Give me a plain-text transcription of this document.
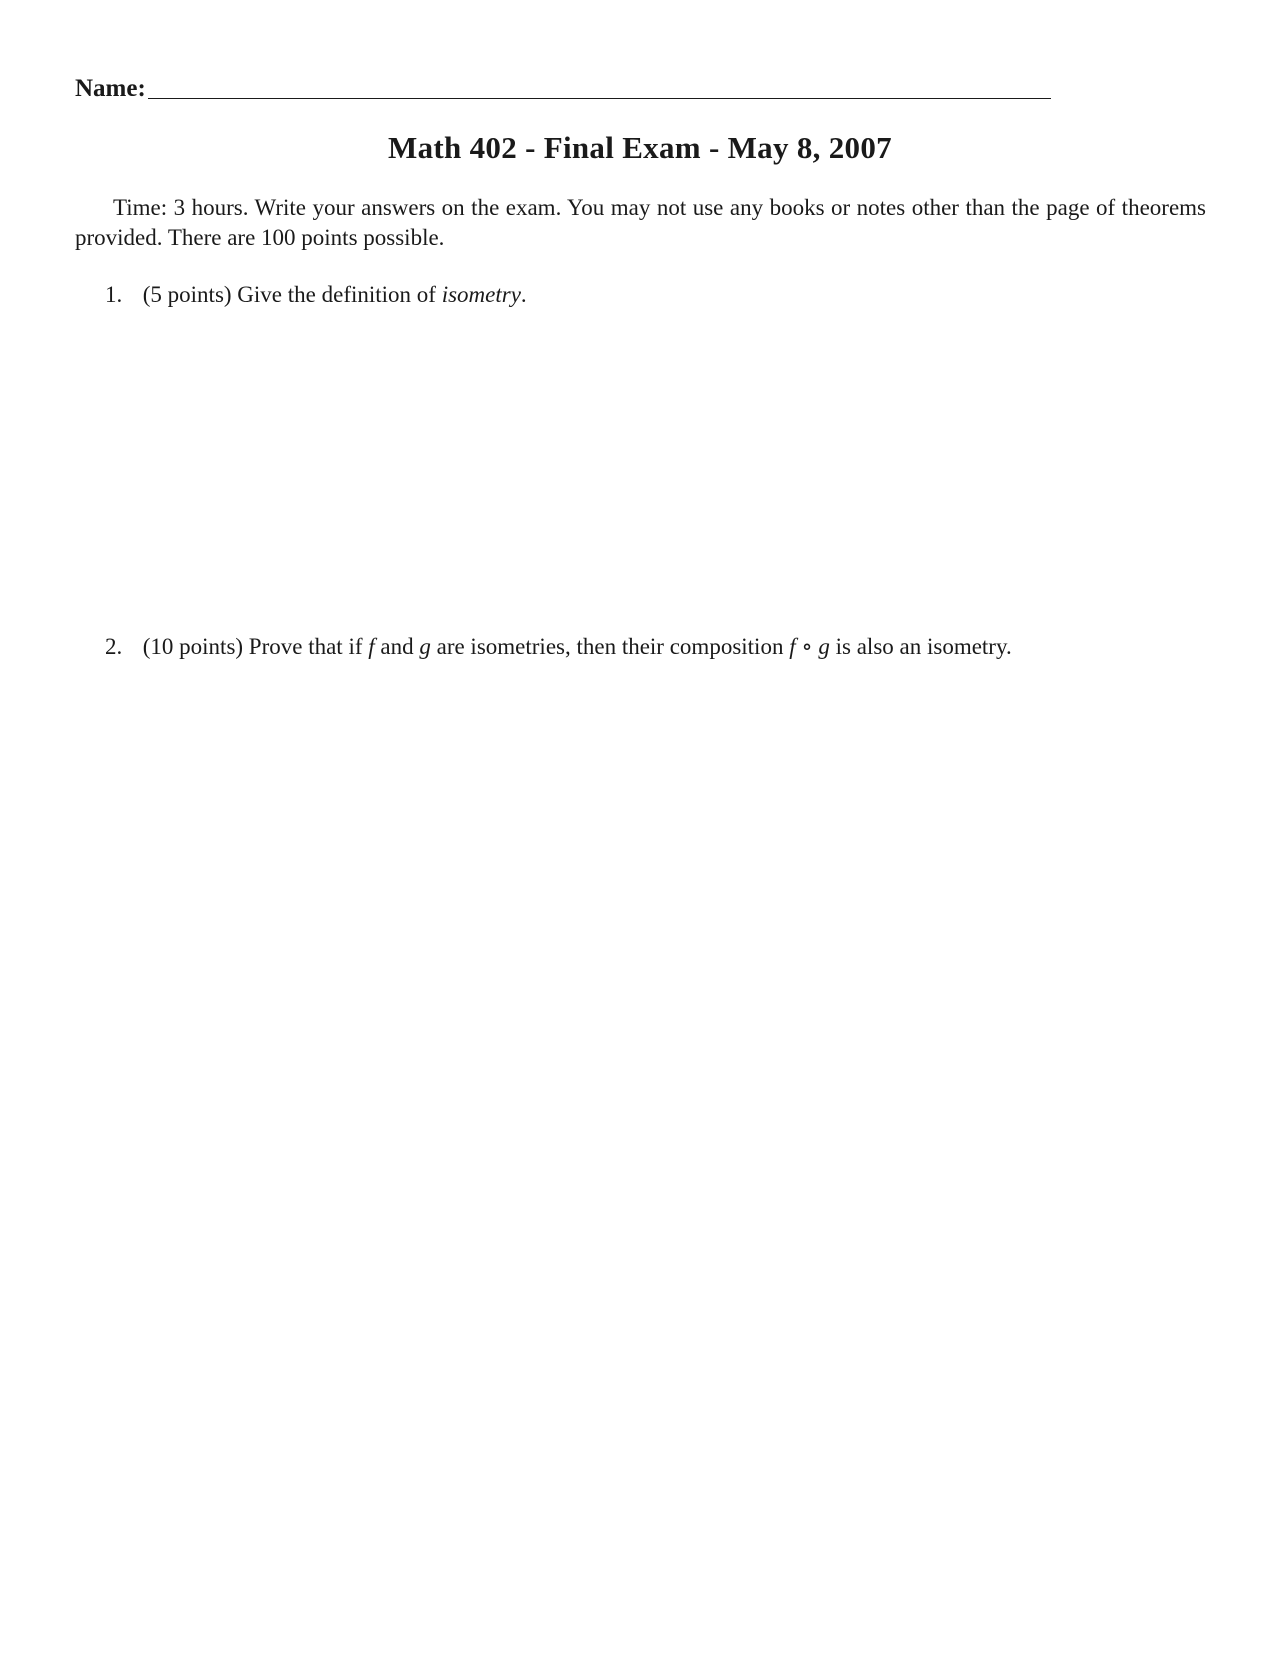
Name:
Math 402 - Final Exam - May 8, 2007
Time: 3 hours. Write your answers on the exam. You may not use any books or notes other than the page of theorems provided. There are 100 points possible.
1. (5 points) Give the definition of isometry.
2. (10 points) Prove that if f and g are isometries, then their composition f ∘ g is also an isometry.
